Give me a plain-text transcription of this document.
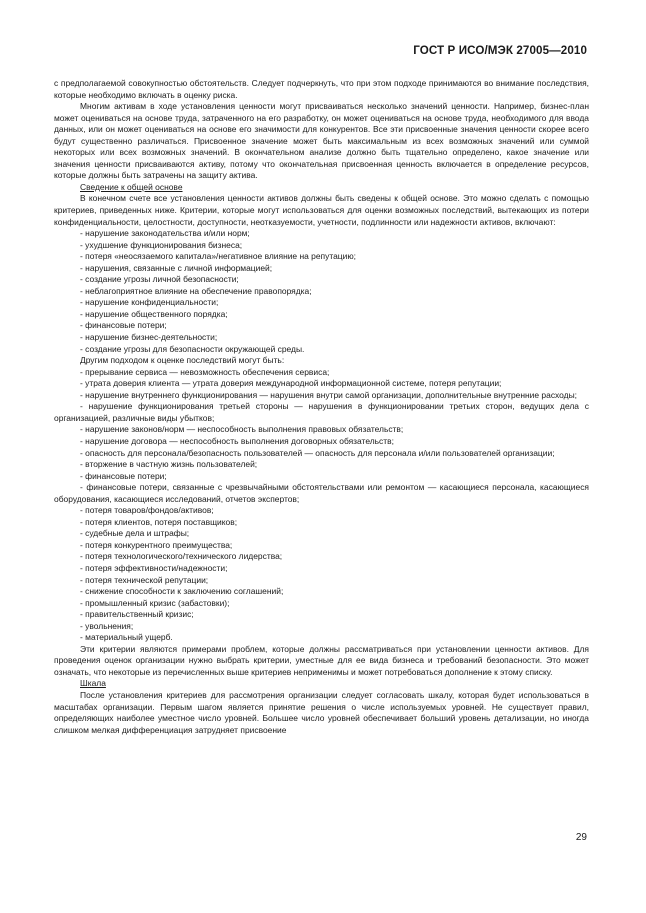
ГОСТ Р ИСО/МЭК 27005—2010

с предполагаемой совокупностью обстоятельств. Следует подчеркнуть, что при этом подходе принимаются во внимание последствия, которые необходимо включать в оценку риска.

Многим активам в ходе установления ценности могут присваиваться несколько значений ценности. Например, бизнес-план может оцениваться на основе труда, затраченного на его разработку, он может оцениваться на основе труда, необходимого для ввода данных, или он может оцениваться на основе его значимости для конкурентов. Все эти присвоенные значения ценности скорее всего будут существенно различаться. Присвоенное значение может быть максимальным из всех возможных значений или суммой некоторых или всех возможных значений. В окончательном анализе должно быть тщательно определено, какое значение или значения ценности присваиваются активу, потому что окончательная присвоенная ценность включается в определение ресурсов, которые должны быть затрачены на защиту актива.

Сведение к общей основе

В конечном счете все установления ценности активов должны быть сведены к общей основе. Это можно сделать с помощью критериев, приведенных ниже. Критерии, которые могут использоваться для оценки возможных последствий, вытекающих из потери конфиденциальности, целостности, доступности, неотказуемости, учетности, подлинности или надежности активов, включают:

- нарушение законодательства и/или норм;

- ухудшение функционирования бизнеса;

- потеря «неосязаемого капитала»/негативное влияние на репутацию;

- нарушения, связанные с личной информацией;

- создание угрозы личной безопасности;

- неблагоприятное влияние на обеспечение правопорядка;

- нарушение конфиденциальности;

- нарушение общественного порядка;

- финансовые потери;

- нарушение бизнес-деятельности;

- создание угрозы для безопасности окружающей среды.

Другим подходом к оценке последствий могут быть:

- прерывание сервиса — невозможность обеспечения сервиса;

- утрата доверия клиента — утрата доверия международной информационной системе, потеря репутации;

- нарушение внутреннего функционирования — нарушения внутри самой организации, дополнительные внутренние расходы;

- нарушение функционирования третьей стороны — нарушения в функционировании третьих сторон, ведущих дела с организацией, различные виды убытков;

- нарушение законов/норм — неспособность выполнения правовых обязательств;

- нарушение договора — неспособность выполнения договорных обязательств;

- опасность для персонала/безопасность пользователей — опасность для персонала и/или пользователей организации;

- вторжение в частную жизнь пользователей;

- финансовые потери;

- финансовые потери, связанные с чрезвычайными обстоятельствами или ремонтом — касающиеся персонала, касающиеся оборудования, касающиеся исследований, отчетов экспертов;

- потеря товаров/фондов/активов;

- потеря клиентов, потеря поставщиков;

- судебные дела и штрафы;

- потеря конкурентного преимущества;

- потеря технологического/технического лидерства;

- потеря эффективности/надежности;

- потеря технической репутации;

- снижение способности к заключению соглашений;

- промышленный кризис (забастовки);

- правительственный кризис;

- увольнения;

- материальный ущерб.

Эти критерии являются примерами проблем, которые должны рассматриваться при установлении ценности активов. Для проведения оценок организации нужно выбрать критерии, уместные для ее вида бизнеса и требований безопасности. Это может означать, что некоторые из перечисленных выше критериев неприменимы и может потребоваться дополнение к этому списку.

Шкала

После установления критериев для рассмотрения организации следует согласовать шкалу, которая будет использоваться в масштабах организации. Первым шагом является принятие решения о числе используемых уровней. Не существует правил, определяющих наиболее уместное число уровней. Большее число уровней обеспечивает больший уровень детализации, но иногда слишком мелкая дифференциация затрудняет присвоение

29
